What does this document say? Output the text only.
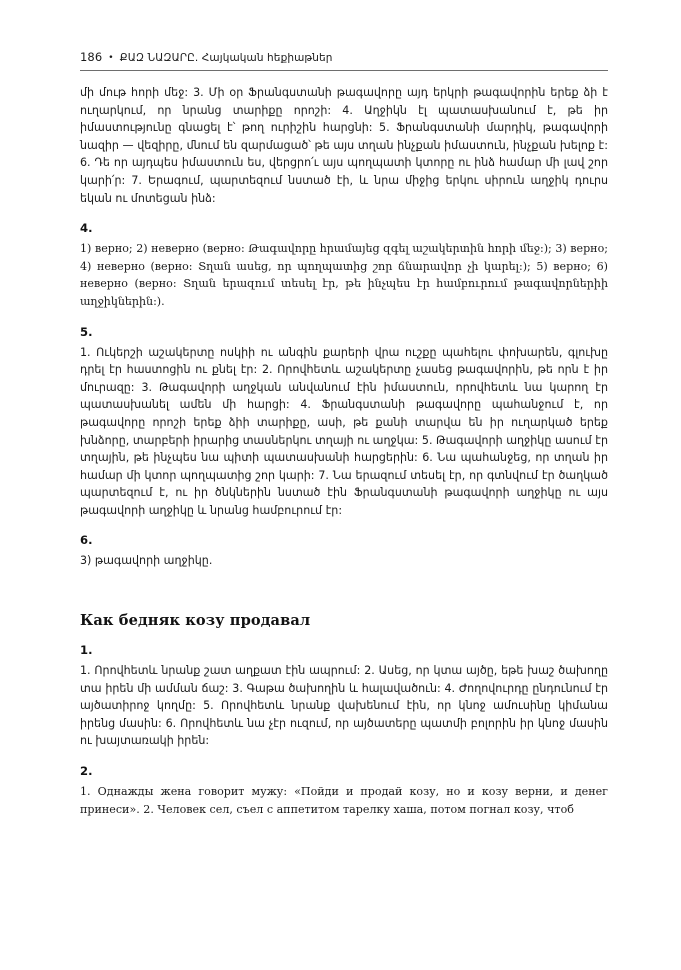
186 • ՔԱԶ ՆԱԶԱՐԸ. Հայկական հեքիաթներ

մի մութ հորի մեջ: 3. Մի օր Ֆրանգստանի թագավորը այդ երկրի թագավորին երեք ձի է ուղարկում, որ նրանց տարիքը որոշի: 4. Աղջիկն էլ պատասխանում է, թե իր իմաստությունը գնացել է՝ թող ուրիշին հարցնի: 5. Ֆրանգստանի մարդիկ, թագավորի նազիր — վեզիրը, մնում են զարմացած՝ թե այս տղան ինչքան իմաստուն, ինչքան խելոք է: 6. Դե որ այդպես իմաստուն ես, վերցրո՛ւ այս պողպատի կտորը ու ինձ համար մի լավ շոր կարի՛ր: 7. Երագում, պարտեզում նստած էի, և նրա միջից երկու սիրուն աղջիկ դուրս եկան ու մոտեցան ինձ:

4.

1) верно; 2) неверно (верно: Թագավորը հրամայեց զգել աշակերտին հորի մեջ:); 3) верно; 4) неверно (верно: Տղան ասեց, որ պողպատից շոր ճնարավոր չի կարել:); 5) верно; 6) неверно (верно: Տղան երազում տեսել էր, թե ինչպես էր համբուրում թագավորներիի աղջիկներին:).

5.

1. Ուկերշի աշակերտը ոսկիի ու անգին քարերի վրա ուշքը պահելու փոխարեն, գլուխը դրել էր հաստոցին ու քնել էր: 2. Որովհետև աշակերտը չասեց թագավորին, թե որն է իր մուրազը: 3. Թագավորի աղջկան անվանում էին իմաստուն, որովհետև նա կարող էր պատասխանել ամեն մի հարցի: 4. Ֆրանգստանի թագավորը պահանջում է, որ թագավորը որոշի երեք ձիի տարիքը, ասի, թե քանի տարվա են իր ուղարկած երեք խնձորը, տարբերի իրարից տասներկու տղայի ու աղջկա: 5. Թագավորի աղջիկը ասում էր տղային, թե ինչպես նա պիտի պատասխանի հարցերին: 6. Նա պահանջեց, որ տղան իր համար մի կտոր պողպատից շոր կարի: 7. Նա երազում տեսել էր, որ գտնվում էր ծաղկած պարտեզում է, ու իր ծնկներին նստած էին Ֆրանգստանի թագավորի աղջիկը ու այս թագավորի աղջիկը և նրանց համբուրում էր:

6.

3) թագավորի աղջիկը.

Как бедняк козу продавал

1.

1. Որովհետև նրանք շատ աղքատ էին ապրում: 2. Ասեց, որ կտա այծը, եթե խաշ ծախողը տա իրեն մի ամման ճաշ: 3. Գաթա ծախողին և հալավածուն: 4. Ժողովուրդը ընդունում էր այծատիրոջ կողմը: 5. Որովհետև նրանք վախենում էին, որ կնոջ ամուսինը կիմանա իրենց մասին: 6. Որովհետև նա չէր ուզում, որ այծատերը պատմի բոլորին իր կնոջ մասին ու խայտառակի իրեն:

2.

1. Однажды жена говорит мужу: «Пойди и продай козу, но и козу верни, и денег принеси». 2. Человек сел, съел с аппетитом тарелку хаша, потом погнал козу, чтоб
